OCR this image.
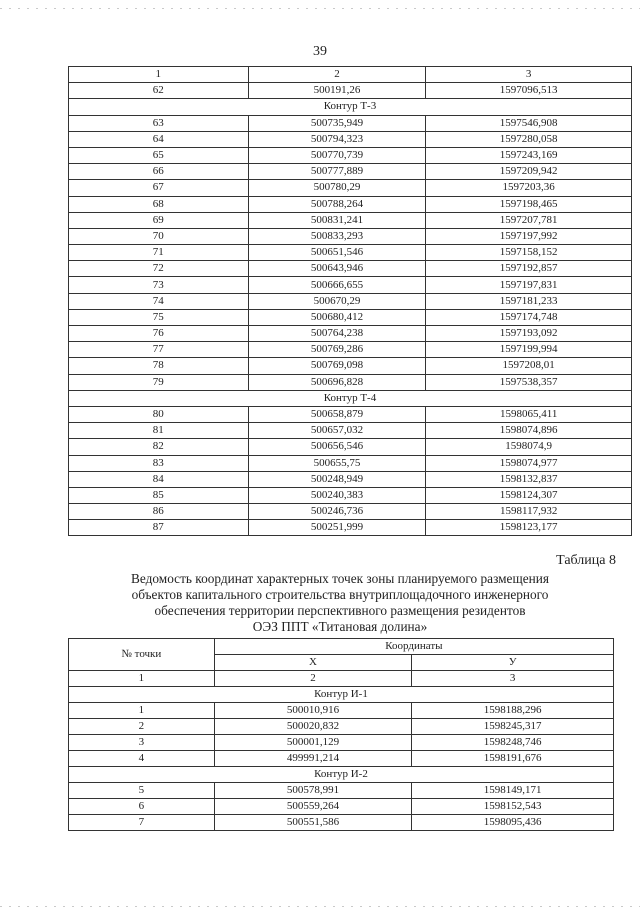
39
1	2	3
62	500191,26	1597096,513
Контур Т-3		
63	500735,949	1597546,908
64	500794,323	1597280,058
65	500770,739	1597243,169
66	500777,889	1597209,942
67	500780,29	1597203,36
68	500788,264	1597198,465
69	500831,241	1597207,781
70	500833,293	1597197,992
71	500651,546	1597158,152
72	500643,946	1597192,857
73	500666,655	1597197,831
74	500670,29	1597181,233
75	500680,412	1597174,748
76	500764,238	1597193,092
77	500769,286	1597199,994
78	500769,098	1597208,01
79	500696,828	1597538,357
Контур Т-4		
80	500658,879	1598065,411
81	500657,032	1598074,896
82	500656,546	1598074,9
83	500655,75	1598074,977
84	500248,949	1598132,837
85	500240,383	1598124,307
86	500246,736	1598117,932
87	500251,999	1598123,177
Таблица 8
Ведомость координат характерных точек зоны планируемого размещения
объектов капитального строительства внутриплощадочного инженерного
обеспечения территории перспективного размещения резидентов
ОЭЗ ППТ «Титановая долина»
№ точки	Координаты	
	X	У
1	2	3
Контур И-1		
1	500010,916	1598188,296
2	500020,832	1598245,317
3	500001,129	1598248,746
4	499991,214	1598191,676
Контур И-2		
5	500578,991	1598149,171
6	500559,264	1598152,543
7	500551,586	1598095,436
